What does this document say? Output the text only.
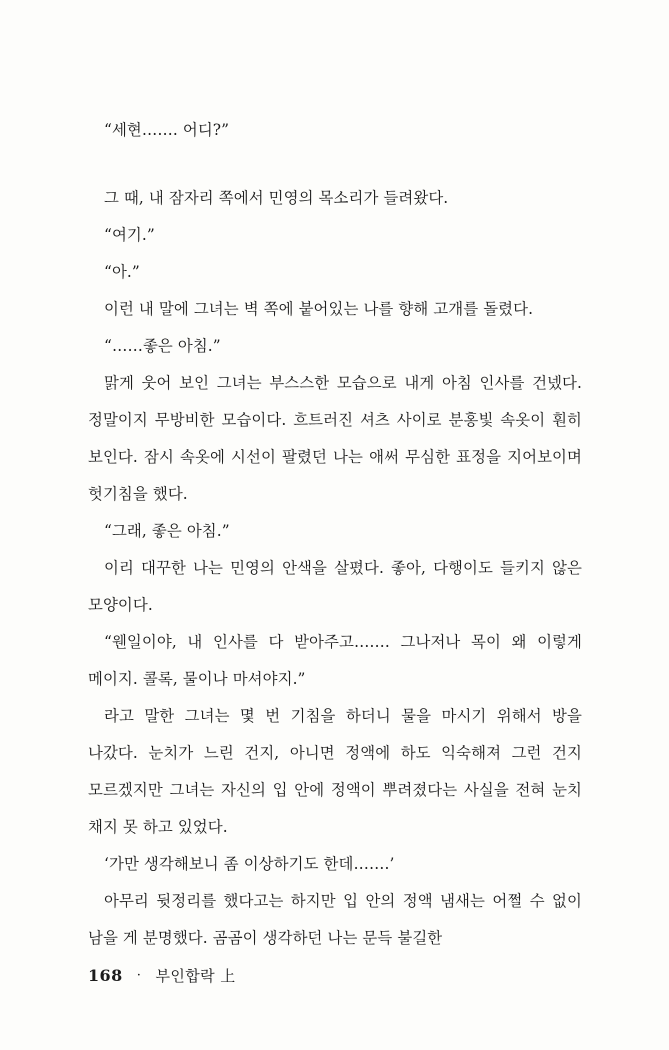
“세현……. 어디?”

그 때, 내 잠자리 쪽에서 민영의 목소리가 들려왔다.

“여기.”

“아.”

이런 내 말에 그녀는 벽 쪽에 붙어있는 나를 향해 고개를 돌렸다.

“……좋은 아침.”

맑게 웃어 보인 그녀는 부스스한 모습으로 내게 아침 인사를 건넸다. 정말이지 무방비한 모습이다. 흐트러진 셔츠 사이로 분홍빛 속옷이 훤히 보인다. 잠시 속옷에 시선이 팔렸던 나는 애써 무심한 표정을 지어보이며 헛기침을 했다.

“그래, 좋은 아침.”

이리 대꾸한 나는 민영의 안색을 살폈다. 좋아, 다행이도 들키지 않은 모양이다.

“웬일이야, 내 인사를 다 받아주고……. 그나저나 목이 왜 이렇게 메이지. 콜록, 물이나 마셔야지.”

라고 말한 그녀는 몇 번 기침을 하더니 물을 마시기 위해서 방을 나갔다. 눈치가 느린 건지, 아니면 정액에 하도 익숙해져 그런 건지 모르겠지만 그녀는 자신의 입 안에 정액이 뿌려졌다는 사실을 전혀 눈치 채지 못 하고 있었다.

‘가만 생각해보니 좀 이상하기도 한데…….’

아무리 뒷정리를 했다고는 하지만 입 안의 정액 냄새는 어쩔 수 없이 남을 게 분명했다. 곰곰이 생각하던 나는 문득 불길한

168 · 부인합락 上
